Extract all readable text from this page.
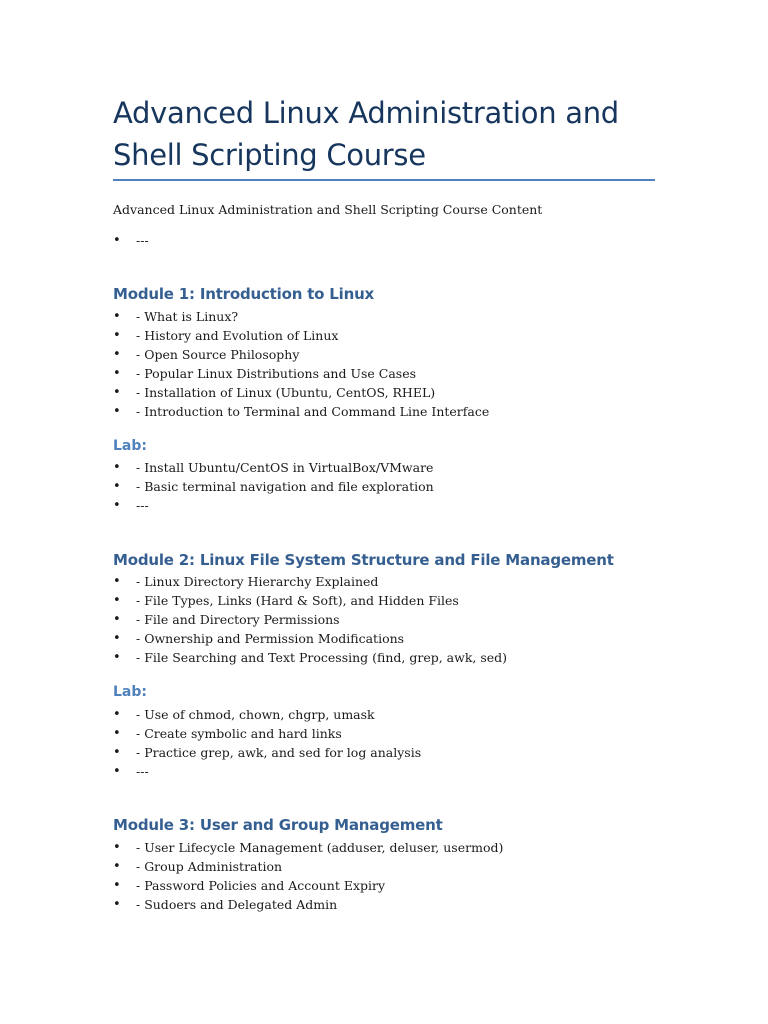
Advanced Linux Administration and Shell Scripting Course

Advanced Linux Administration and Shell Scripting Course Content

• ---
Module 1: Introduction to Linux
• - What is Linux?
• - History and Evolution of Linux
• - Open Source Philosophy
• - Popular Linux Distributions and Use Cases
• - Installation of Linux (Ubuntu, CentOS, RHEL)
• - Introduction to Terminal and Command Line Interface
Lab:
• - Install Ubuntu/CentOS in VirtualBox/VMware
• - Basic terminal navigation and file exploration
• ---
Module 2: Linux File System Structure and File Management
• - Linux Directory Hierarchy Explained
• - File Types, Links (Hard & Soft), and Hidden Files
• - File and Directory Permissions
• - Ownership and Permission Modifications
• - File Searching and Text Processing (find, grep, awk, sed)
Lab:
• - Use of chmod, chown, chgrp, umask
• - Create symbolic and hard links
• - Practice grep, awk, and sed for log analysis
• ---
Module 3: User and Group Management
• - User Lifecycle Management (adduser, deluser, usermod)
• - Group Administration
• - Password Policies and Account Expiry
• - Sudoers and Delegated Admin
